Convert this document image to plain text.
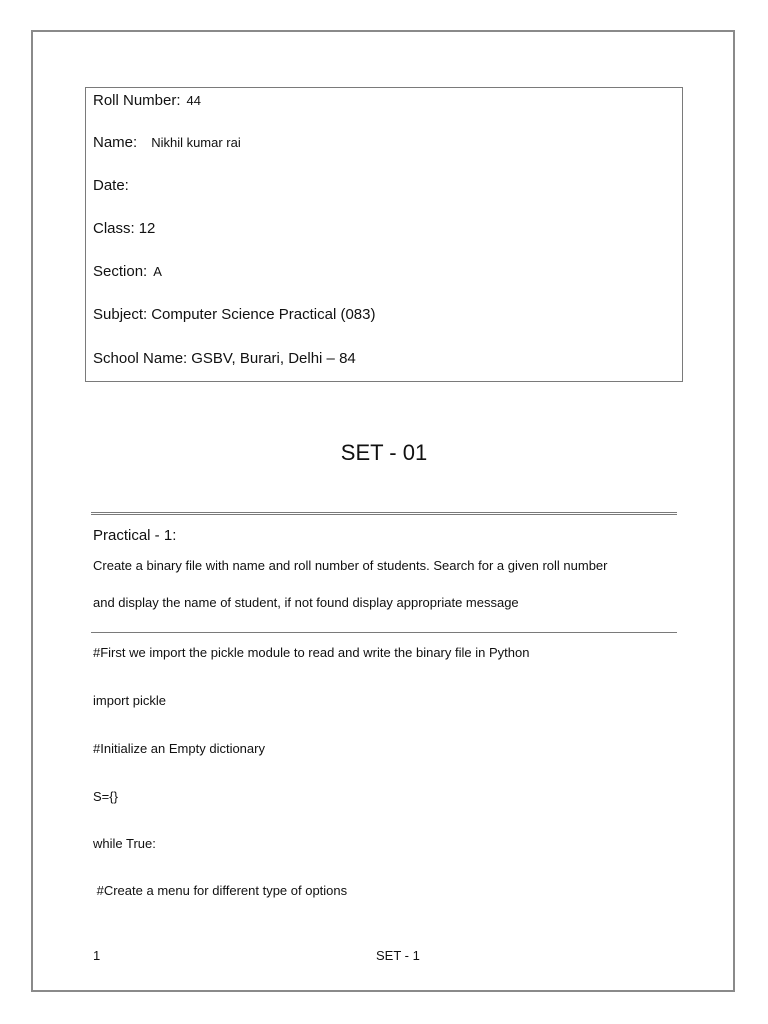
Roll Number: 44
Name: Nikhil kumar rai
Date:
Class: 12
Section: A
Subject: Computer Science Practical (083)
School Name: GSBV, Burari, Delhi – 84
SET - 01
Practical - 1:
Create a binary file with name and roll number of students. Search for a given roll number
and display the name of student, if not found display appropriate message
#First we import the pickle module to read and write the binary file in Python
import pickle
#Initialize an Empty dictionary
S={}
while True:
#Create a menu for different type of options
1	SET - 1
